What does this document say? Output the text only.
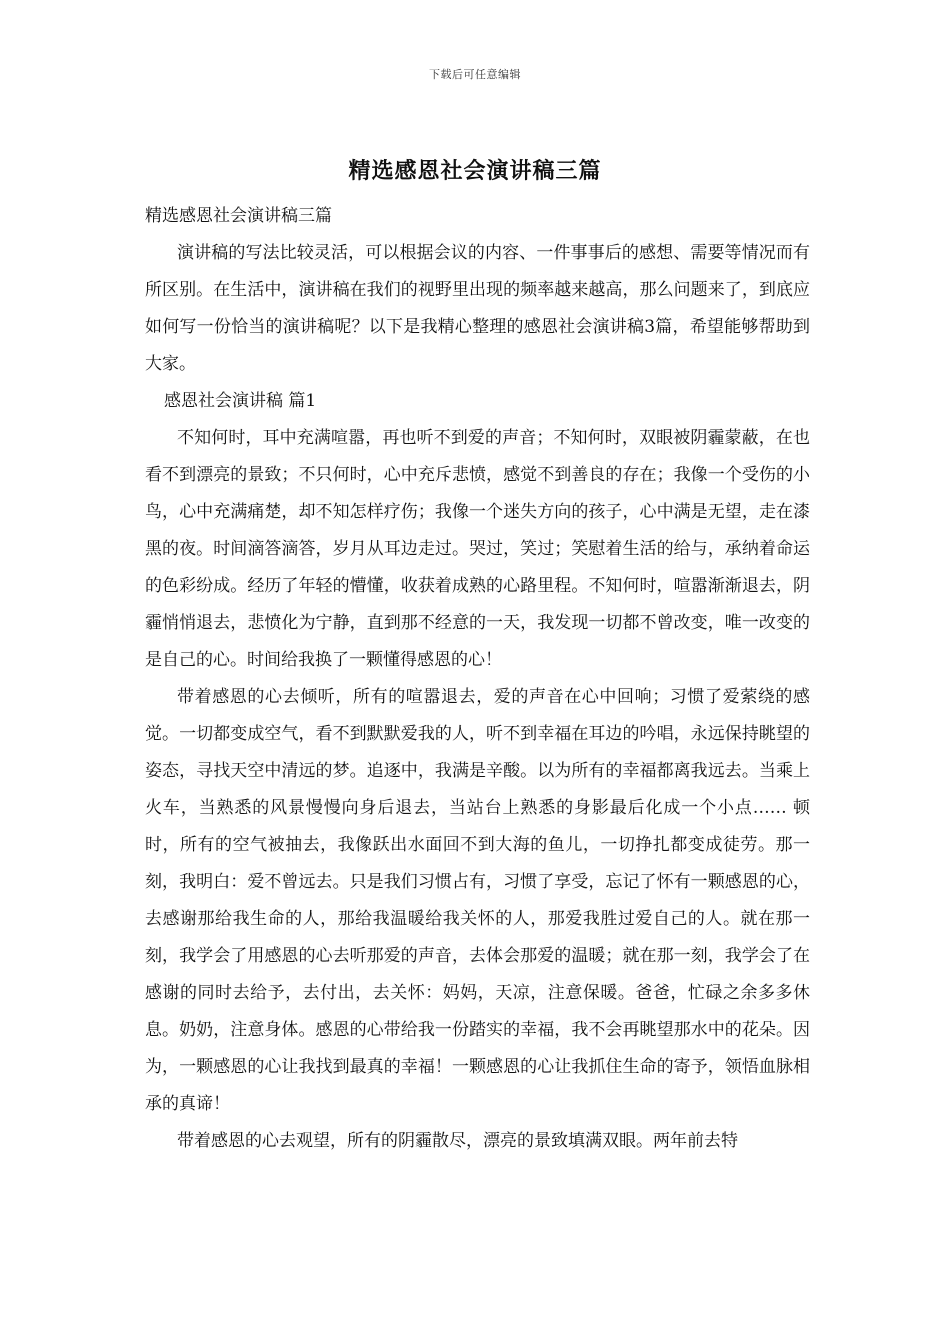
下载后可任意编辑
精选感恩社会演讲稿三篇

精选感恩社会演讲稿三篇

演讲稿的写法比较灵活，可以根据会议的内容、一件事事后的感想、需要等情况而有所区别。在生活中，演讲稿在我们的视野里出现的频率越来越高，那么问题来了，到底应如何写一份恰当的演讲稿呢？以下是我精心整理的感恩社会演讲稿3篇，希望能够帮助到大家。

感恩社会演讲稿 篇1

不知何时，耳中充满喧嚣，再也听不到爱的声音；不知何时，双眼被阴霾蒙蔽，在也看不到漂亮的景致；不只何时，心中充斥悲愤，感觉不到善良的存在；我像一个受伤的小鸟，心中充满痛楚，却不知怎样疗伤；我像一个迷失方向的孩子，心中满是无望，走在漆黑的夜。时间滴答滴答，岁月从耳边走过。哭过，笑过；笑慰着生活的给与，承纳着命运的色彩纷成。经历了年轻的懵懂，收获着成熟的心路里程。不知何时，喧嚣渐渐退去，阴霾悄悄退去，悲愤化为宁静，直到那不经意的一天，我发现一切都不曾改变，唯一改变的是自己的心。时间给我换了一颗懂得感恩的心！

带着感恩的心去倾听，所有的喧嚣退去，爱的声音在心中回响；习惯了爱萦绕的感觉。一切都变成空气，看不到默默爱我的人，听不到幸福在耳边的吟唱，永远保持眺望的姿态，寻找天空中清远的梦。追逐中，我满是辛酸。以为所有的幸福都离我远去。当乘上火车，当熟悉的风景慢慢向身后退去，当站台上熟悉的身影最后化成一个小点…… 顿时，所有的空气被抽去，我像跃出水面回不到大海的鱼儿，一切挣扎都变成徒劳。那一刻，我明白：爱不曾远去。只是我们习惯占有，习惯了享受，忘记了怀有一颗感恩的心，去感谢那给我生命的人，那给我温暖给我关怀的人，那爱我胜过爱自己的人。就在那一刻，我学会了用感恩的心去听那爱的声音，去体会那爱的温暖；就在那一刻，我学会了在感谢的同时去给予，去付出，去关怀：妈妈，天凉，注意保暖。爸爸，忙碌之余多多休息。奶奶，注意身体。感恩的心带给我一份踏实的幸福，我不会再眺望那水中的花朵。因为，一颗感恩的心让我找到最真的幸福！一颗感恩的心让我抓住生命的寄予，领悟血脉相承的真谛！

带着感恩的心去观望，所有的阴霾散尽，漂亮的景致填满双眼。两年前去特
